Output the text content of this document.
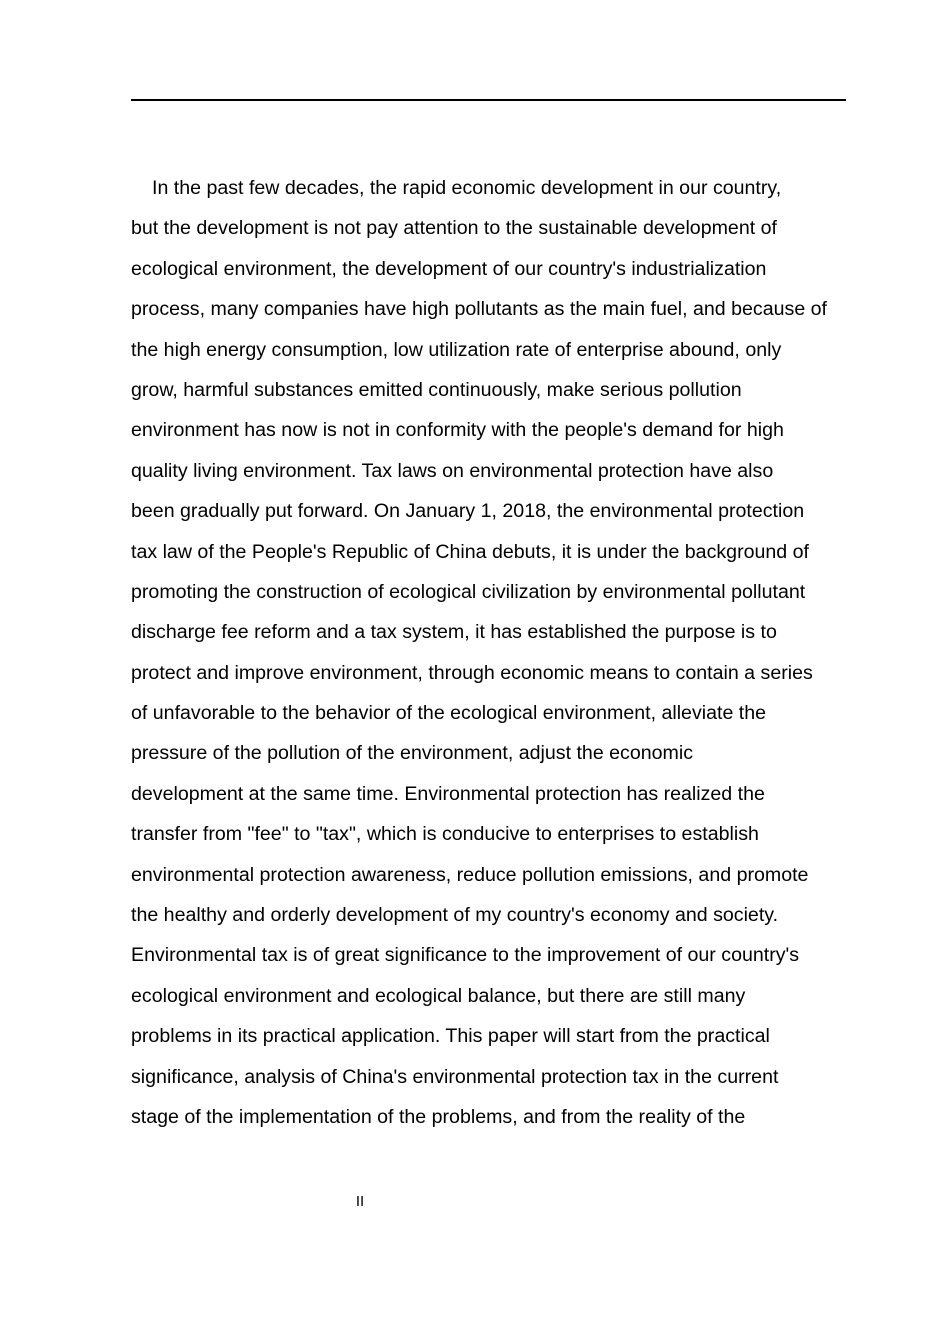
In the past few decades, the rapid economic development in our country,
but the development is not pay attention to the sustainable development of
ecological environment, the development of our country's industrialization
process, many companies have high pollutants as the main fuel, and because of
the high energy consumption, low utilization rate of enterprise abound, only
grow, harmful substances emitted continuously, make serious pollution
environment has now is not in conformity with the people's demand for high
quality living environment. Tax laws on environmental protection have also
been gradually put forward. On January 1, 2018, the environmental protection
tax law of the People's Republic of China debuts, it is under the background of
promoting the construction of ecological civilization by environmental pollutant
discharge fee reform and a tax system, it has established the purpose is to
protect and improve environment, through economic means to contain a series
of unfavorable to the behavior of the ecological environment, alleviate the
pressure of the pollution of the environment, adjust the economic
development at the same time. Environmental protection has realized the
transfer from "fee" to "tax", which is conducive to enterprises to establish
environmental protection awareness, reduce pollution emissions, and promote
the healthy and orderly development of my country's economy and society.
Environmental tax is of great significance to the improvement of our country's
ecological environment and ecological balance, but there are still many
problems in its practical application. This paper will start from the practical
significance, analysis of China's environmental protection tax in the current
stage of the implementation of the problems, and from the reality of the
II
